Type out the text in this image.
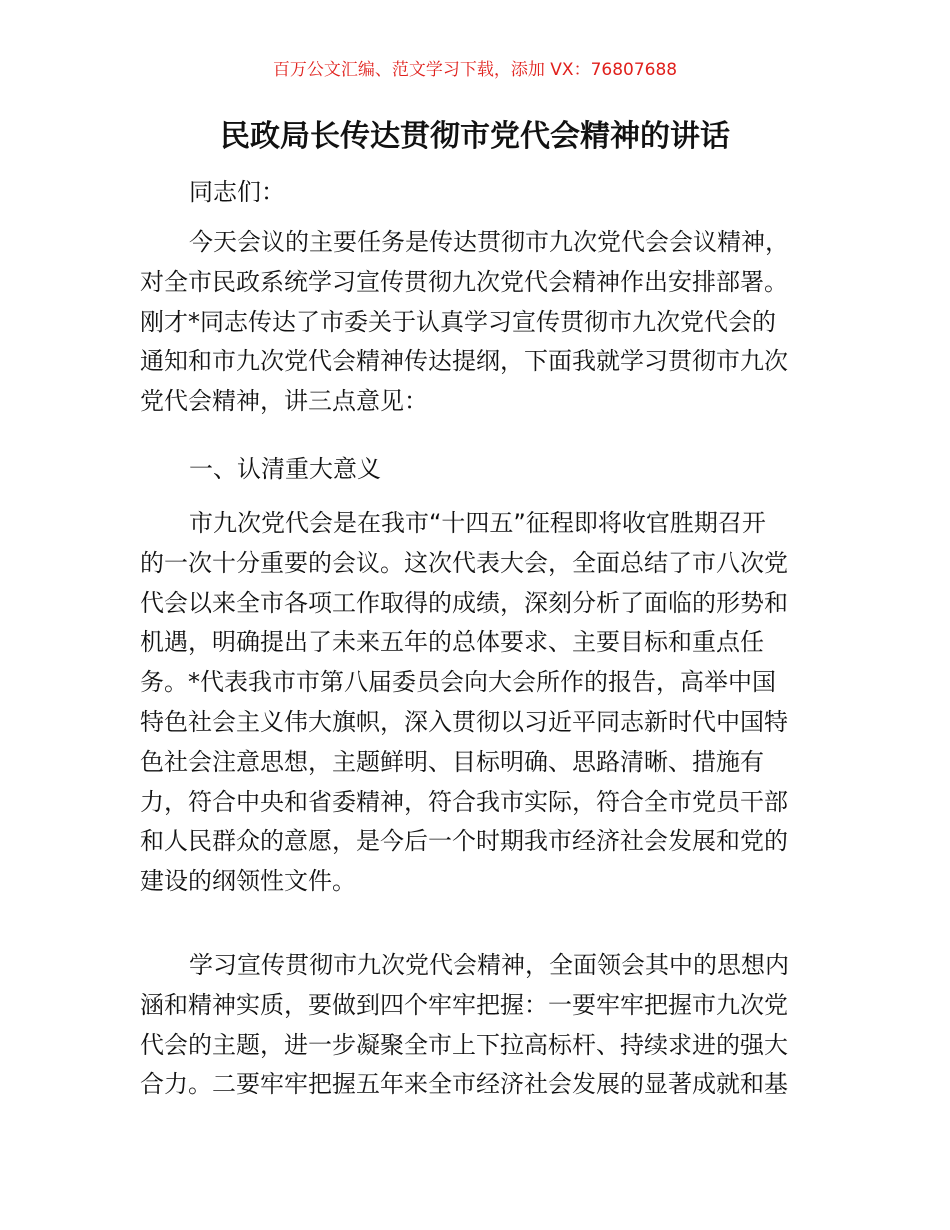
百万公文汇编、范文学习下载，添加 VX：76807688
民政局长传达贯彻市党代会精神的讲话
同志们：
今天会议的主要任务是传达贯彻市九次党代会会议精神，
对全市民政系统学习宣传贯彻九次党代会精神作出安排部署。
刚才*同志传达了市委关于认真学习宣传贯彻市九次党代会的
通知和市九次党代会精神传达提纲，下面我就学习贯彻市九次
党代会精神，讲三点意见：
一、认清重大意义
市九次党代会是在我市“十四五”征程即将收官胜期召开
的一次十分重要的会议。这次代表大会，全面总结了市八次党
代会以来全市各项工作取得的成绩，深刻分析了面临的形势和
机遇，明确提出了未来五年的总体要求、主要目标和重点任
务。*代表我市市第八届委员会向大会所作的报告，高举中国
特色社会主义伟大旗帜，深入贯彻以习近平同志新时代中国特
色社会注意思想，主题鲜明、目标明确、思路清晰、措施有
力，符合中央和省委精神，符合我市实际，符合全市党员干部
和人民群众的意愿，是今后一个时期我市经济社会发展和党的
建设的纲领性文件。
学习宣传贯彻市九次党代会精神，全面领会其中的思想内
涵和精神实质，要做到四个牢牢把握：一要牢牢把握市九次党
代会的主题，进一步凝聚全市上下拉高标杆、持续求进的强大
合力。二要牢牢把握五年来全市经济社会发展的显著成就和基
